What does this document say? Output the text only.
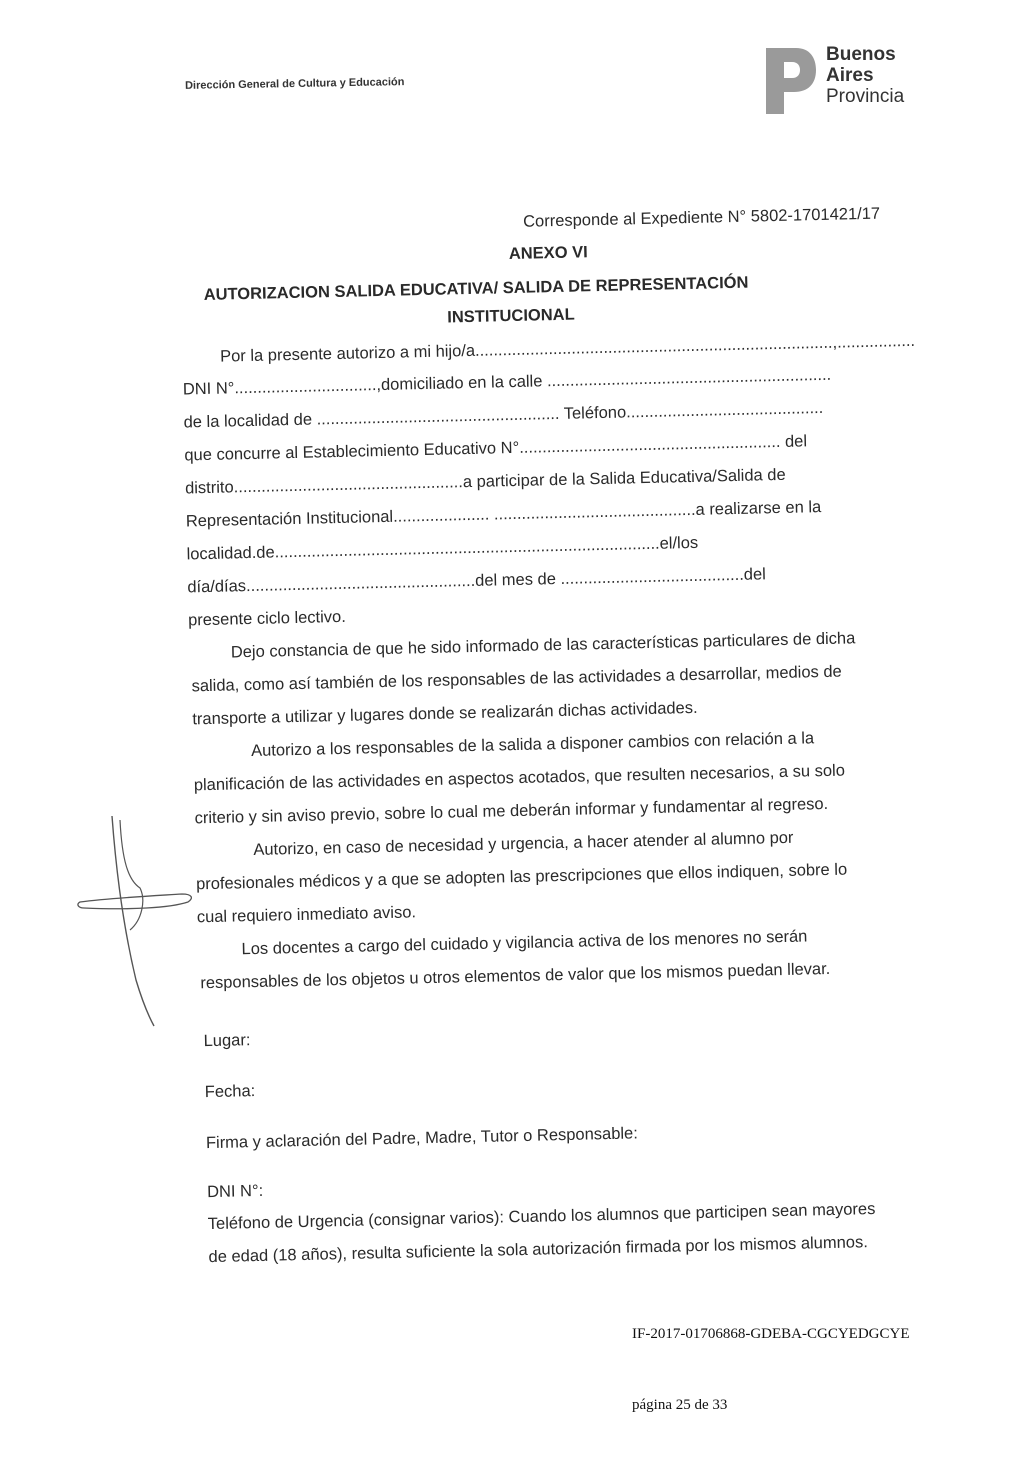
Dirección General de Cultura y Educación
Buenos
Aires
Provincia
Corresponde al Expediente N° 5802-1701421/17
ANEXO VI
AUTORIZACION SALIDA EDUCATIVA/ SALIDA DE REPRESENTACIÓN
INSTITUCIONAL
Por la presente autorizo a mi hijo/a..............................................................................,.................
DNI N°...............................,domiciliado en la calle ..............................................................
de la localidad de ..................................................... Teléfono...........................................
que concurre al Establecimiento Educativo N°......................................................... del
distrito..................................................a participar de la Salida Educativa/Salida de
Representación Institucional..................... ............................................a realizarse en la
localidad.de....................................................................................el/los
día/días..................................................del mes de ........................................del
presente ciclo lectivo.
Dejo constancia de que he sido informado de las características particulares de dicha
salida, como así también de los responsables de las actividades a desarrollar, medios de
transporte a utilizar y lugares donde se realizarán dichas actividades.
Autorizo a los responsables de la salida a disponer cambios con relación a la
planificación de las actividades en aspectos acotados, que resulten necesarios, a su solo
criterio y sin aviso previo, sobre lo cual me deberán informar y fundamentar al regreso.
Autorizo, en caso de necesidad y urgencia, a hacer atender al alumno por
profesionales médicos y a que se adopten las prescripciones que ellos indiquen, sobre lo
cual requiero inmediato aviso.
Los docentes a cargo del cuidado y vigilancia activa de los menores no serán
responsables de los objetos u otros elementos de valor que los mismos puedan llevar.
Lugar:
Fecha:
Firma y aclaración del Padre, Madre, Tutor o Responsable:
DNI N°:
Teléfono de Urgencia (consignar varios): Cuando los alumnos que participen sean mayores
de edad (18 años), resulta suficiente la sola autorización firmada por los mismos alumnos.
IF-2017-01706868-GDEBA-CGCYEDGCYE
página 25 de 33
